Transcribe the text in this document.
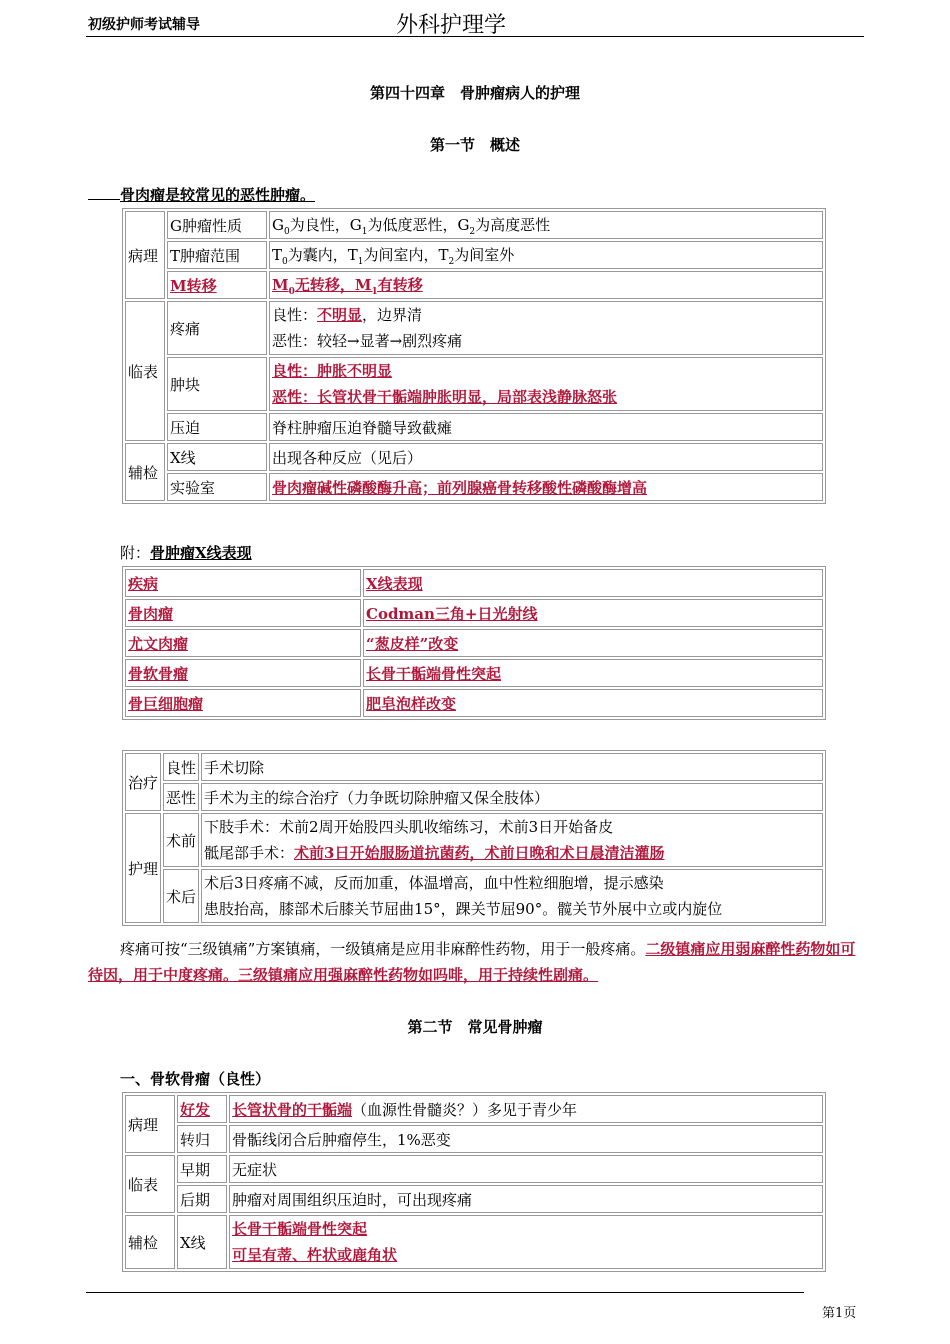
初级护师考试辅导	外科护理学
第四十四章　骨肿瘤病人的护理
第一节　概述
骨肉瘤是较常见的恶性肿瘤。
病理	G肿瘤性质	$G_0$为良性，$G_1$为低度恶性，$G_2$为高度恶性
	T肿瘤范围	$T_0$为囊内，$T_1$为间室内，$T_2$为间室外
	M转移	$M_0$无转移，$M_1$有转移
临表	疼痛	良性：不明显，边界清
恶性：较轻→显著→剧烈疼痛

	肿块	良性：肿胀不明显
恶性：长管状骨干骺端肿胀明显，局部表浅静脉怒张

	压迫	脊柱肿瘤压迫脊髓导致截瘫
辅检	X线	出现各种反应（见后）
	实验室	骨肉瘤碱性磷酸酶升高；前列腺癌骨转移酸性磷酸酶增高
附：骨肿瘤X线表现
疾病	X线表现
骨肉瘤	Codman三角+日光射线
尤文肉瘤	“葱皮样”改变
骨软骨瘤	长骨干骺端骨性突起
骨巨细胞瘤	肥皂泡样改变
治疗	良性	手术切除
	恶性	手术为主的综合治疗（力争既切除肿瘤又保全肢体）
护理	术前	下肢手术：术前2周开始股四头肌收缩练习，术前3日开始备皮
骶尾部手术：术前3日开始服肠道抗菌药，术前日晚和术日晨清洁灌肠

	术后	术后3日疼痛不减，反而加重，体温增高，血中性粒细胞增，提示感染
患肢抬高，膝部术后膝关节屈曲15°，踝关节屈90°。髋关节外展中立或内旋位
疼痛可按“三级镇痛”方案镇痛，一级镇痛是应用非麻醉性药物，用于一般疼痛。二级镇痛应用弱麻醉性药物如可待因，用于中度疼痛。三级镇痛应用强麻醉性药物如吗啡，用于持续性剧痛。
第二节　常见骨肿瘤
一、骨软骨瘤（良性）
病理	好发	长管状骨的干骺端（血源性骨髓炎？）多见于青少年
	转归	骨骺线闭合后肿瘤停生，1%恶变
临表	早期	无症状
	后期	肿瘤对周围组织压迫时，可出现疼痛
辅检	X线	长骨干骺端骨性突起
可呈有蒂、杵状或鹿角状
第1页
